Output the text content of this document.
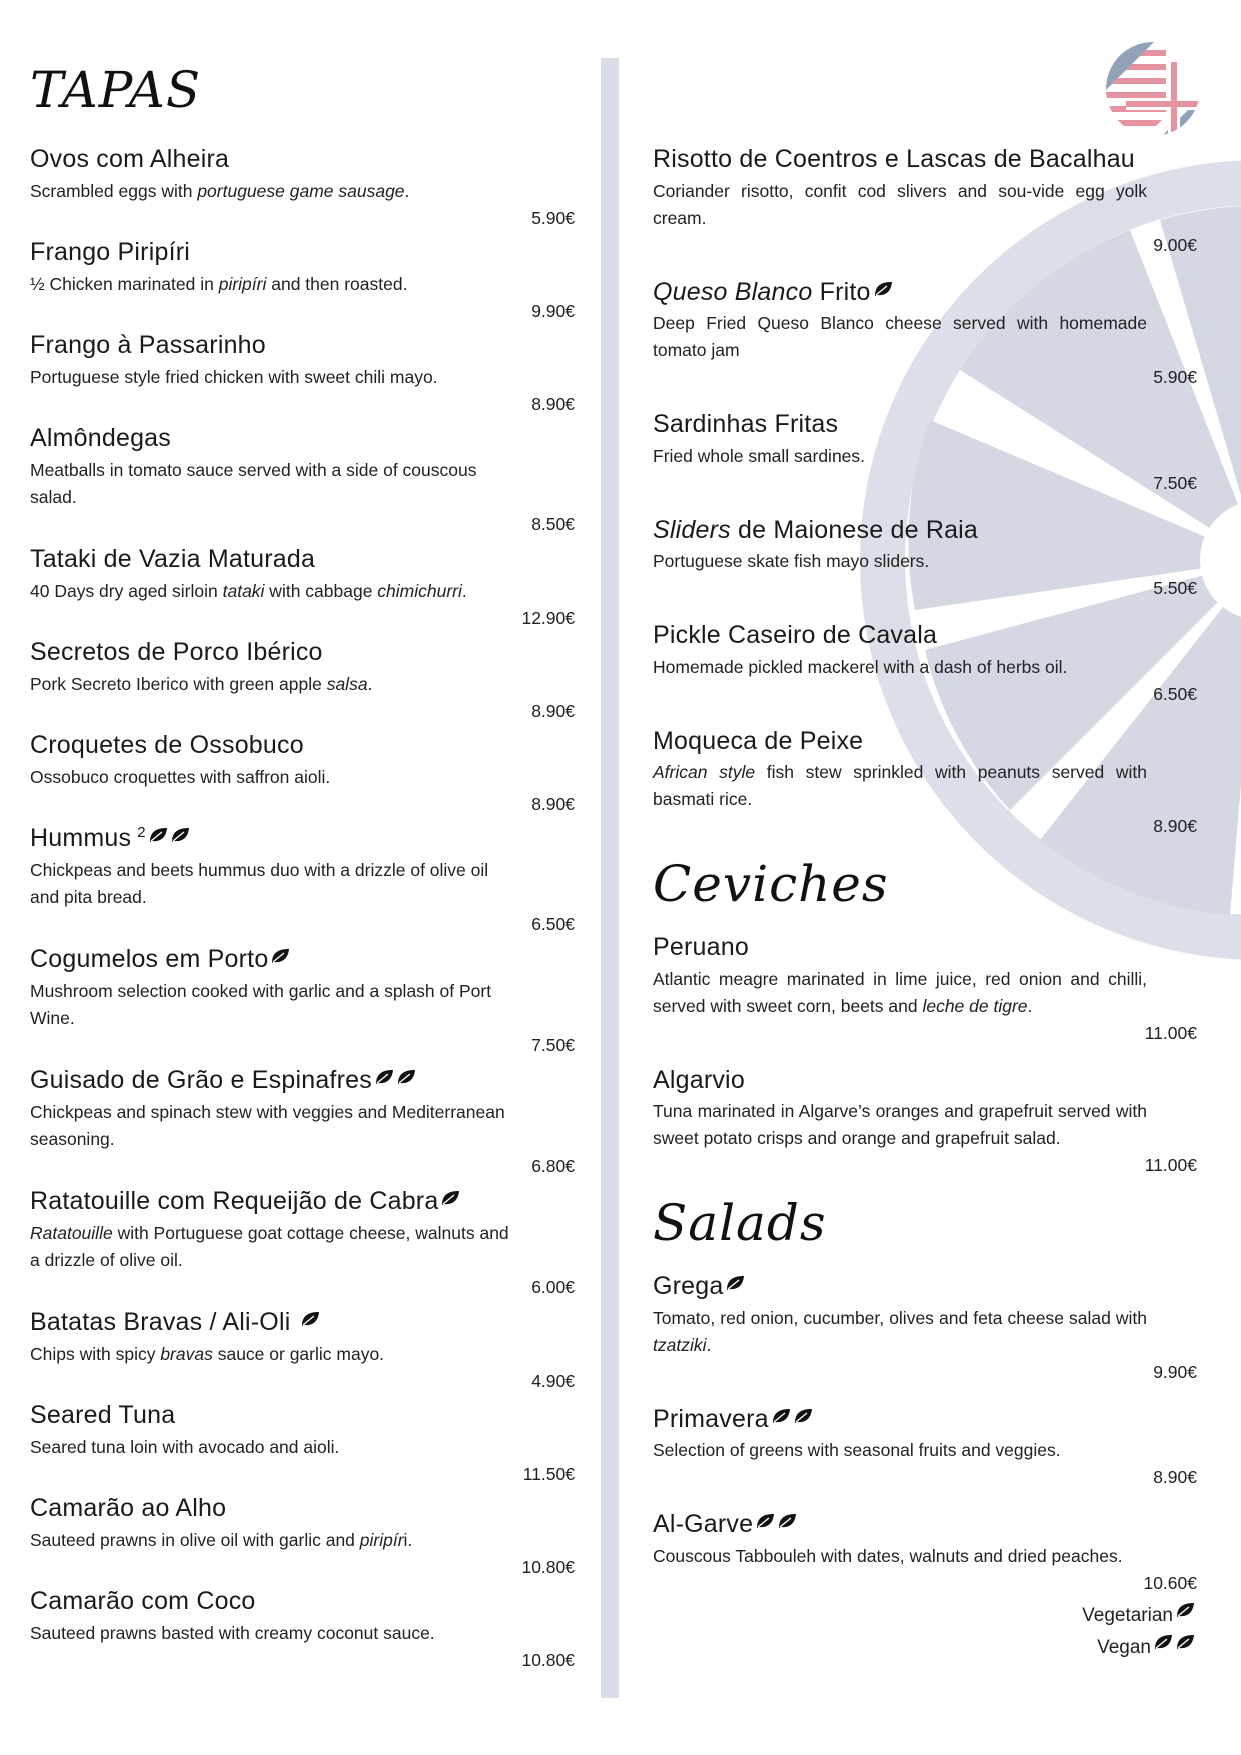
TAPAS
Ovos com Alheira
Scrambled eggs with portuguese game sausage.
5.90€
Frango Piripíri
½ Chicken marinated in piripíri and then roasted.
9.90€
Frango à Passarinho
Portuguese style fried chicken with sweet chili mayo.
8.90€
Almôndegas
Meatballs in tomato sauce served with a side of couscous salad.
8.50€
Tataki de Vazia Maturada
40 Days dry aged sirloin tataki with cabbage chimichurri.
12.90€
Secretos de Porco Ibérico
Pork Secreto Iberico with green apple salsa.
8.90€
Croquetes de Ossobuco
Ossobuco croquettes with saffron aioli.
8.90€
Hummus $^2$
Chickpeas and beets hummus duo with a drizzle of olive oil and pita bread.
6.50€
Cogumelos em Porto
Mushroom selection cooked with garlic and a splash of Port Wine.
7.50€
Guisado de Grão e Espinafres
Chickpeas and spinach stew with veggies and Mediterranean seasoning.
6.80€
Ratatouille com Requeijão de Cabra
Ratatouille with Portuguese goat cottage cheese, walnuts and a drizzle of olive oil.
6.00€
Batatas Bravas / Ali-Oli
Chips with spicy bravas sauce or garlic mayo.
4.90€
Seared Tuna
Seared tuna loin with avocado and aioli.
11.50€
Camarão ao Alho
Sauteed prawns in olive oil with garlic and piripíri.
10.80€
Camarão com Coco
Sauteed prawns basted with creamy coconut sauce.
10.80€
Risotto de Coentros e Lascas de Bacalhau
Coriander risotto, confit cod slivers and sou-vide egg yolk cream.
9.00€
Queso Blanco Frito
Deep Fried Queso Blanco cheese served with homemade tomato jam
5.90€
Sardinhas Fritas
Fried whole small sardines.
7.50€
Sliders de Maionese de Raia
Portuguese skate fish mayo sliders.
5.50€
Pickle Caseiro de Cavala
Homemade pickled mackerel with a dash of herbs oil.
6.50€
Moqueca de Peixe
African style fish stew sprinkled with peanuts served with basmati rice.
8.90€
Ceviches
Peruano
Atlantic meagre marinated in lime juice, red onion and chilli, served with sweet corn, beets and leche de tigre.
11.00€
Algarvio
Tuna marinated in Algarve’s oranges and grapefruit served with sweet potato crisps and orange and grapefruit salad.
11.00€
Salads
Grega
Tomato, red onion, cucumber, olives and feta cheese salad with tzatziki.
9.90€
Primavera
Selection of greens with seasonal fruits and veggies.
8.90€
Al-Garve
Couscous Tabbouleh with dates, walnuts and dried peaches.
10.60€
Vegetarian
Vegan
